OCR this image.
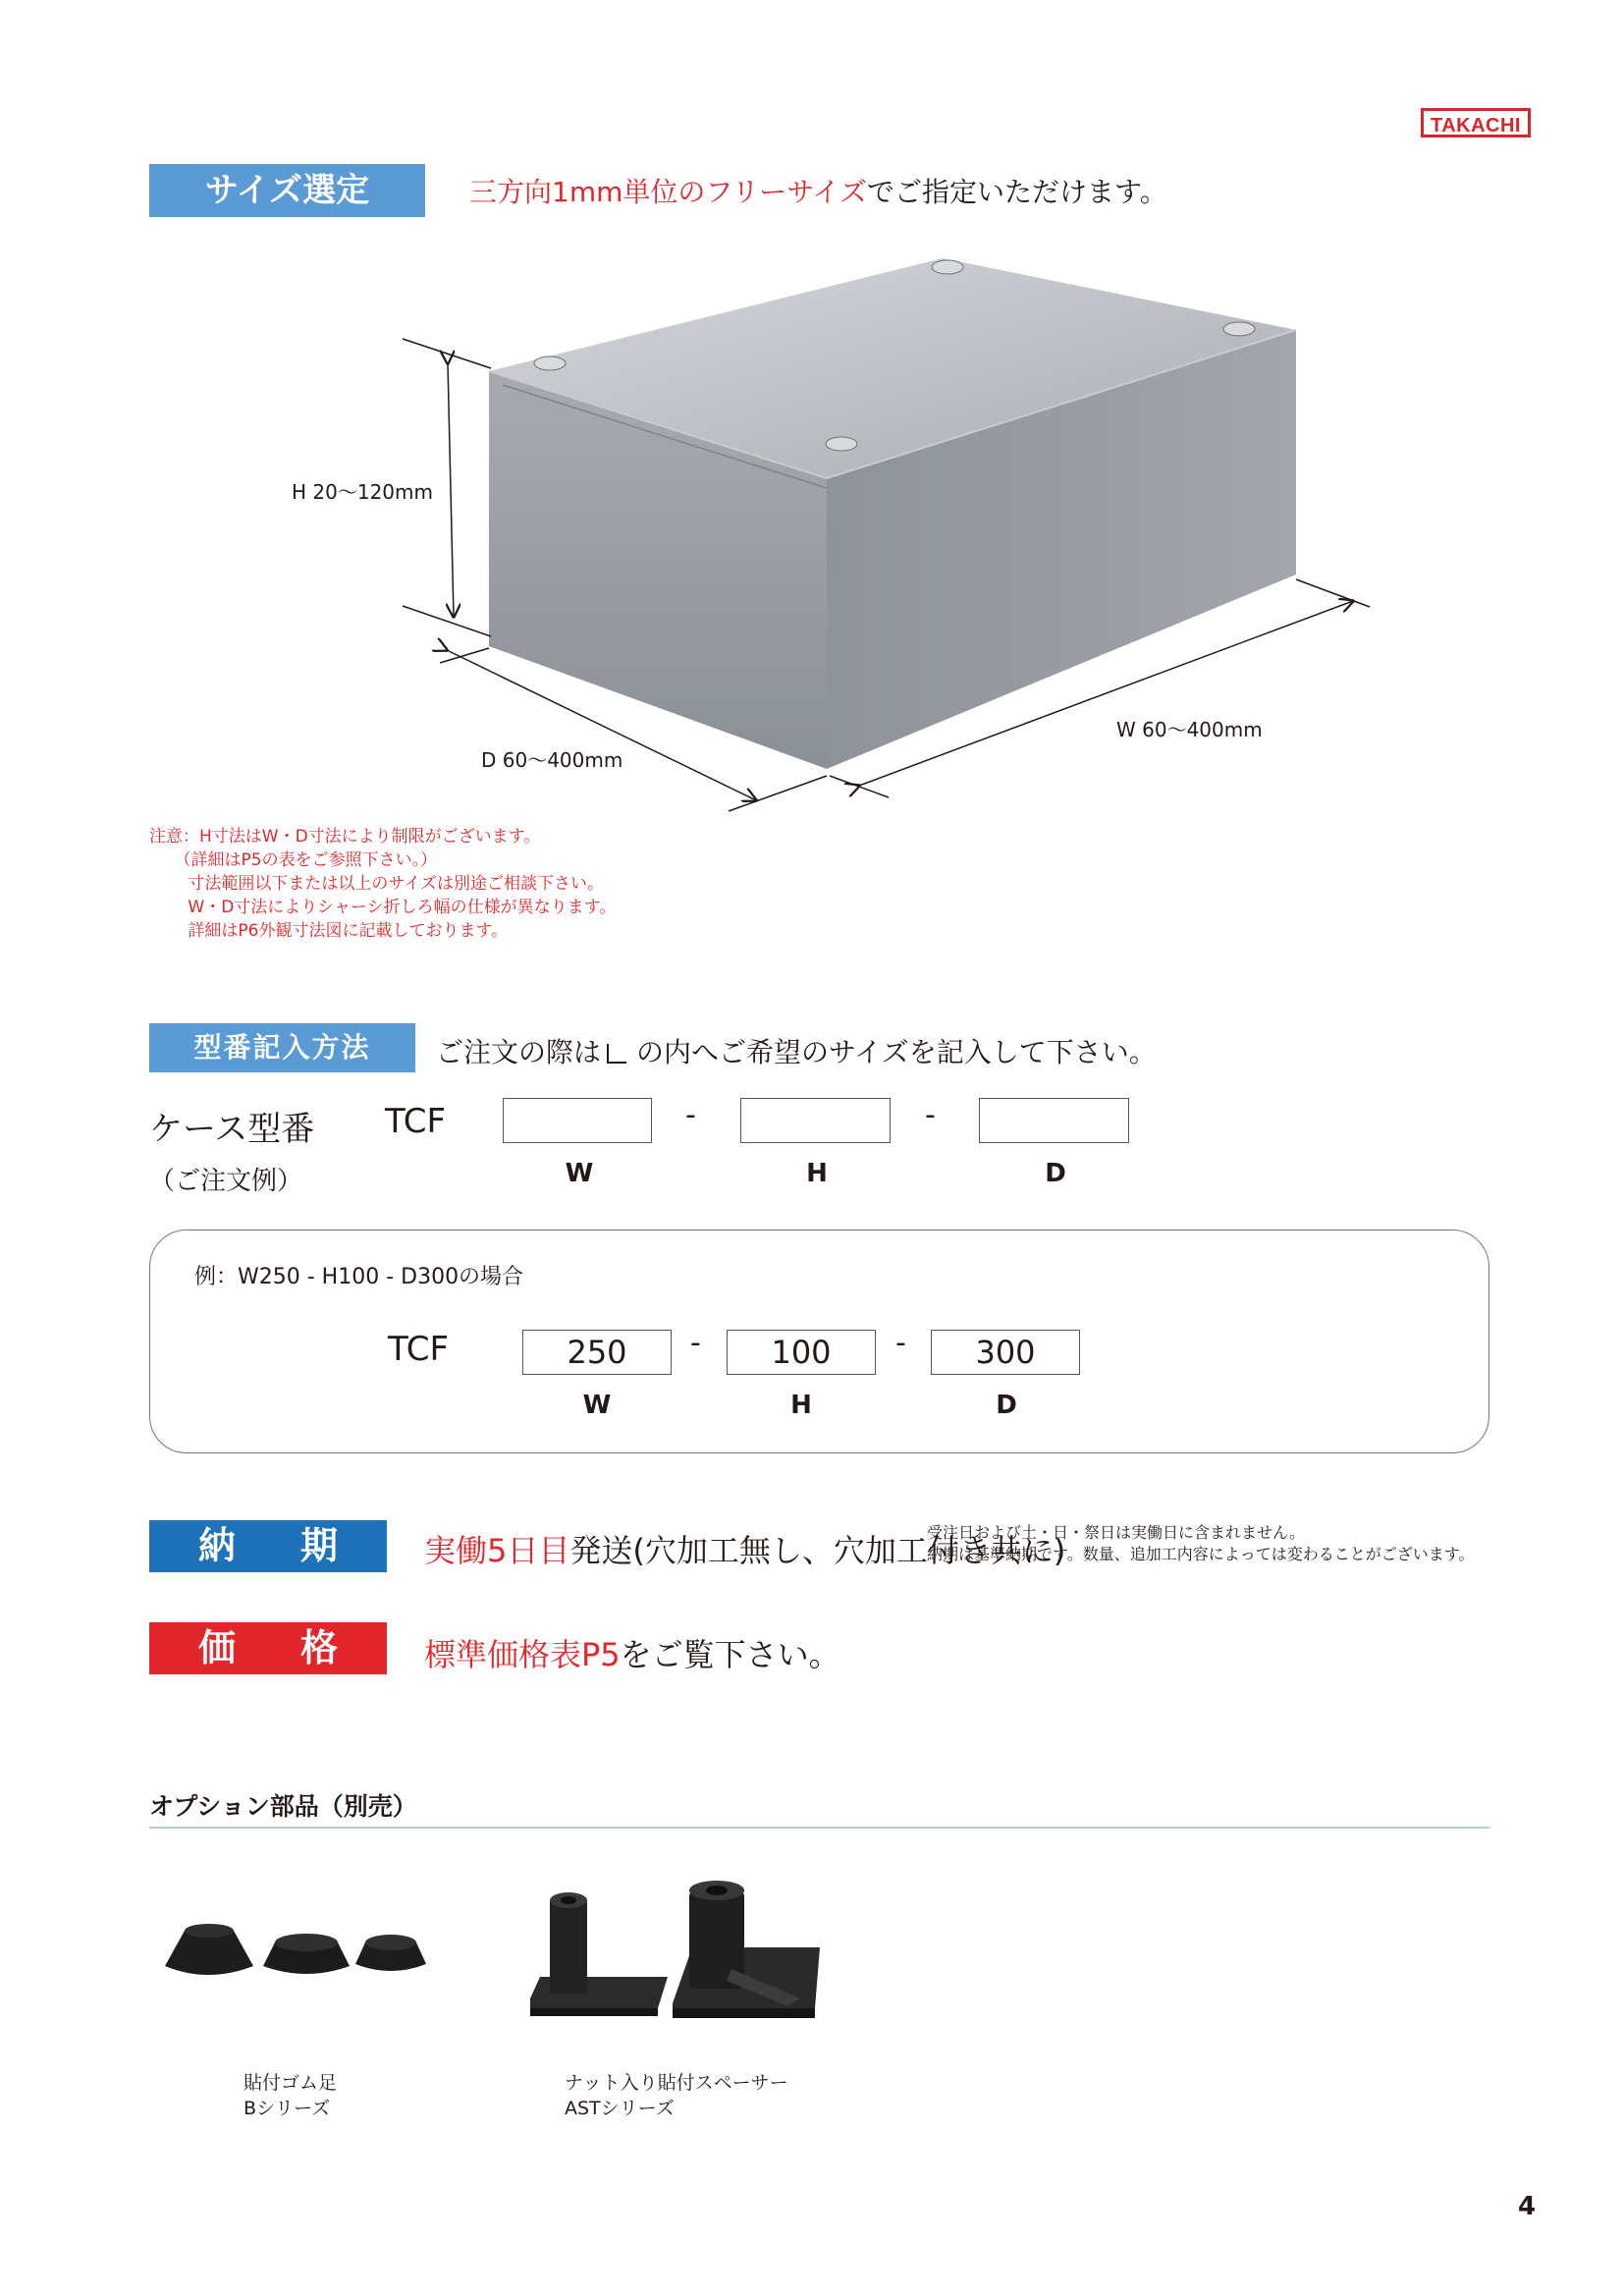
TAKACHI
サイズ選定	三方向1mm単位のフリーサイズでご指定いただけます。
H 20～120mm
W 60～400mm
D 60～400mm
注意：H寸法はW・D寸法により制限がございます。
　　（詳細はP5の表をご参照下さい。）
　　 寸法範囲以下または以上のサイズは別途ご相談下さい。
　　 W・D寸法によりシャーシ折しろ幅の仕様が異なります。
　　 詳細はP6外観寸法図に記載しております。
型番記入方法	ご注文の際は の内へご希望のサイズを記入して下さい。
ケース型番
（ご注文例）
TCF	-	-
W	H	D
例：W250 - H100 - D300の場合
TCF	250	-	100	-	300
W	H	D
納 期	実働5日目発送(穴加工無し、穴加工付き共に)
受注日および土・日・祭日は実働日に含まれません。
納期は基準納期です。数量、追加工内容によっては変わることがございます。
価 格	標準価格表P5をご覧下さい。
オプション部品（別売）
貼付ゴム足
Bシリーズ
ナット入り貼付スペーサー
ASTシリーズ
4
